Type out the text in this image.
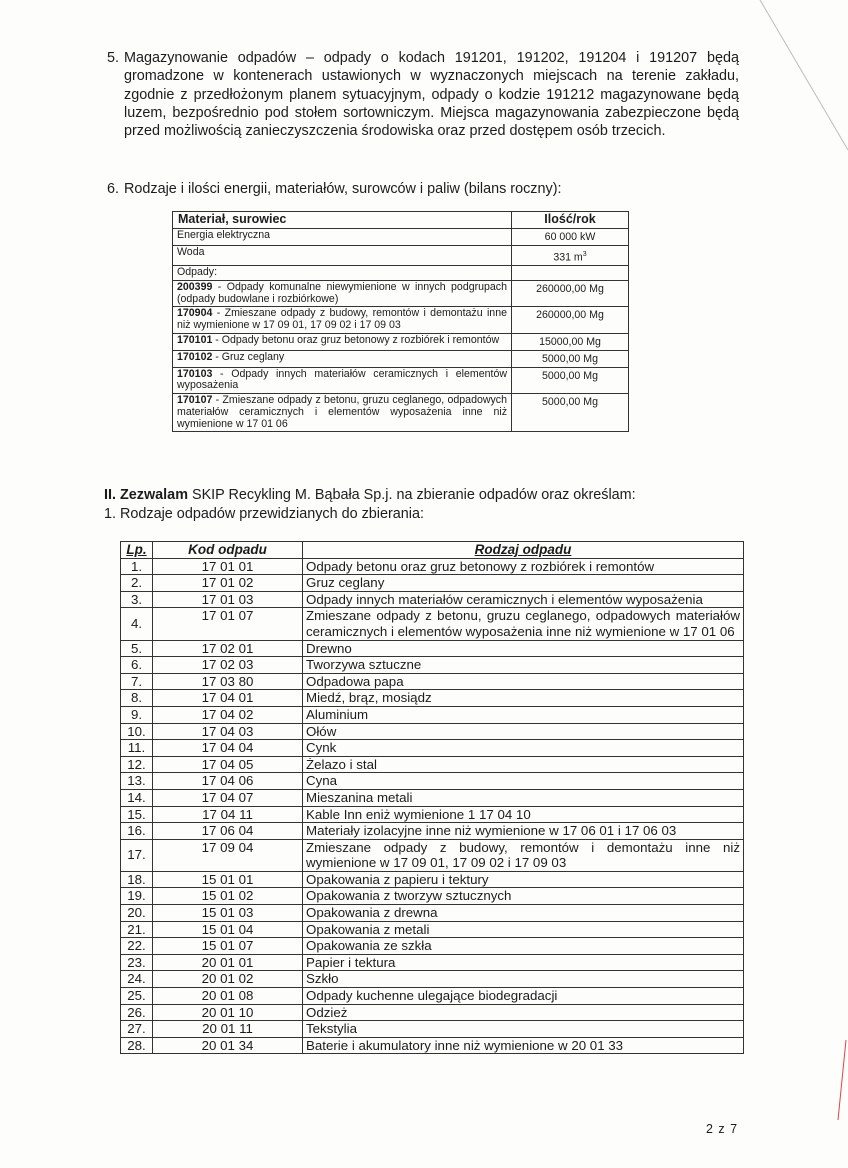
5. Magazynowanie odpadów – odpady o kodach 191201, 191202, 191204 i 191207 będą gromadzone w kontenerach ustawionych w wyznaczonych miejscach na terenie zakładu, zgodnie z przedłożonym planem sytuacyjnym, odpady o kodzie 191212 magazynowane będą luzem, bezpośrednio pod stołem sortowniczym. Miejsca magazynowania zabezpieczone będą przed możliwością zanieczyszczenia środowiska oraz przed dostępem osób trzecich.
6. Rodzaje i ilości energii, materiałów, surowców i paliw (bilans roczny):
Materiał, surowiec	Ilość/rok
Energia elektryczna	60 000 kW
Woda	331 $m^3$
Odpady:	
200399 - Odpady komunalne niewymienione w innych podgrupach (odpady budowlane i rozbiórkowe)	260000,00 Mg
170904 - Zmieszane odpady z budowy, remontów i demontażu inne niż wymienione w 17 09 01, 17 09 02 i 17 09 03	260000,00 Mg
170101 - Odpady betonu oraz gruz betonowy z rozbiórek i remontów	15000,00 Mg
170102 - Gruz ceglany	5000,00 Mg
170103 - Odpady innych materiałów ceramicznych i elementów wyposażenia	5000,00 Mg
170107 - Zmieszane odpady z betonu, gruzu ceglanego, odpadowych materiałów ceramicznych i elementów wyposażenia inne niż wymienione w 17 01 06	5000,00 Mg
II. Zezwalam SKIP Recykling M. Bąbała Sp.j. na zbieranie odpadów oraz określam:
1. Rodzaje odpadów przewidzianych do zbierania:
Lp.	Kod odpadu	Rodzaj odpadu
1.	17 01 01	Odpady betonu oraz gruz betonowy z rozbiórek i remontów
2.	17 01 02	Gruz ceglany
3.	17 01 03	Odpady innych materiałów ceramicznych i elementów wyposażenia
4.	17 01 07	Zmieszane odpady z betonu, gruzu ceglanego, odpadowych materiałów ceramicznych i elementów wyposażenia inne niż wymienione w 17 01 06
5.	17 02 01	Drewno
6.	17 02 03	Tworzywa sztuczne
7.	17 03 80	Odpadowa papa
8.	17 04 01	Miedź, brąz, mosiądz
9.	17 04 02	Aluminium
10.	17 04 03	Ołów
11.	17 04 04	Cynk
12.	17 04 05	Żelazo i stal
13.	17 04 06	Cyna
14.	17 04 07	Mieszanina metali
15.	17 04 11	Kable Inn eniż wymienione 1 17 04 10
16.	17 06 04	Materiały izolacyjne inne niż wymienione w 17 06 01 i 17 06 03
17.	17 09 04	Zmieszane odpady z budowy, remontów i demontażu inne niż wymienione w 17 09 01, 17 09 02 i 17 09 03
18.	15 01 01	Opakowania z papieru i tektury
19.	15 01 02	Opakowania z tworzyw sztucznych
20.	15 01 03	Opakowania z drewna
21.	15 01 04	Opakowania z metali
22.	15 01 07	Opakowania ze szkła
23.	20 01 01	Papier i tektura
24.	20 01 02	Szkło
25.	20 01 08	Odpady kuchenne ulegające biodegradacji
26.	20 01 10	Odzież
27.	20 01 11	Tekstylia
28.	20 01 34	Baterie i akumulatory inne niż wymienione w 20 01 33
2 z 7
